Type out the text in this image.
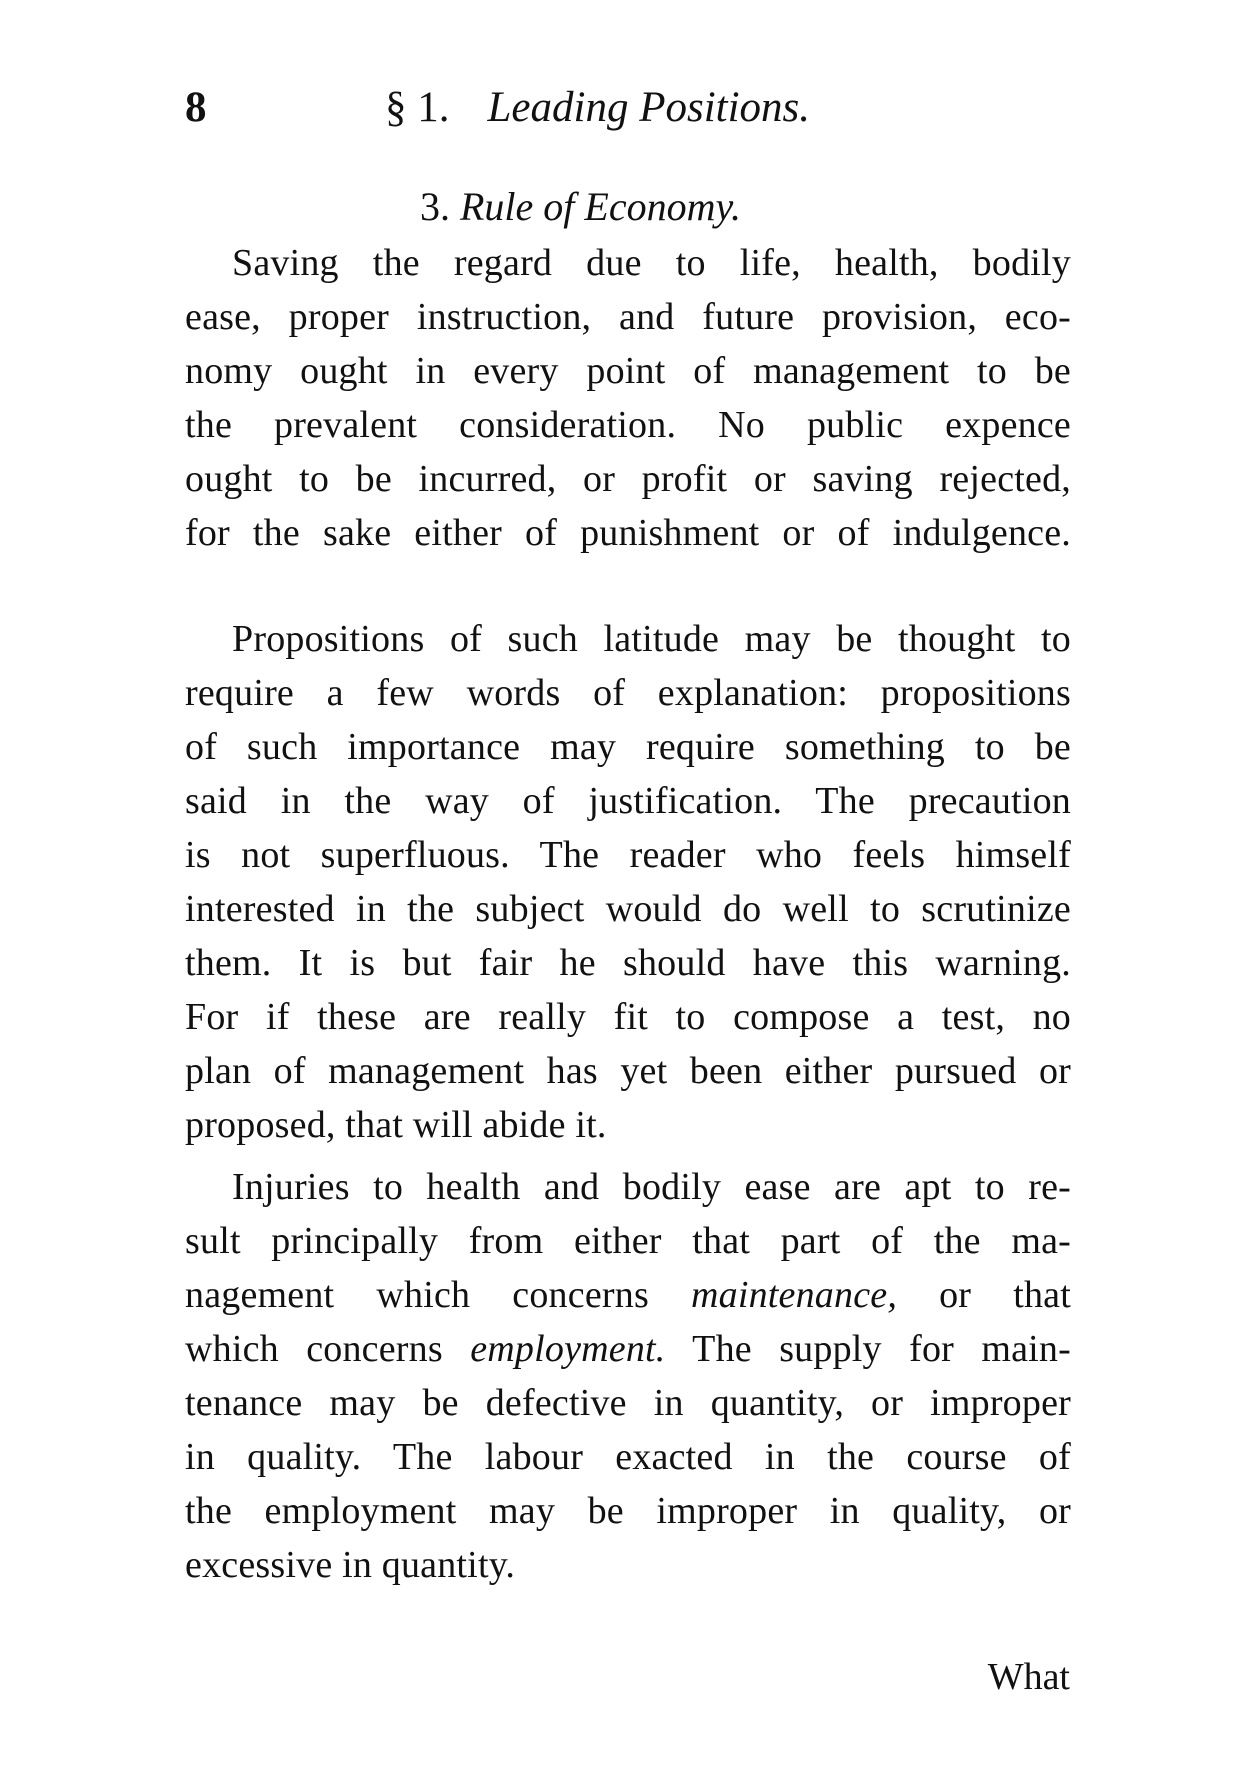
8	§ 1. Leading Positions.
3. Rule of Economy.
Saving the regard due to life, health, bodily
ease, proper instruction, and future provision, eco-
nomy ought in every point of management to be
the prevalent consideration. No public expence
ought to be incurred, or profit or saving rejected,
for the sake either of punishment or of indulgence.
Propositions of such latitude may be thought to
require a few words of explanation: propositions
of such importance may require something to be
said in the way of justification. The precaution
is not superfluous. The reader who feels himself
interested in the subject would do well to scrutinize
them. It is but fair he should have this warning.
For if these are really fit to compose a test, no
plan of management has yet been either pursued or
proposed, that will abide it.
Injuries to health and bodily ease are apt to re-
sult principally from either that part of the ma-
nagement which concerns maintenance, or that
which concerns employment. The supply for main-
tenance may be defective in quantity, or improper
in quality. The labour exacted in the course of
the employment may be improper in quality, or
excessive in quantity.
What
